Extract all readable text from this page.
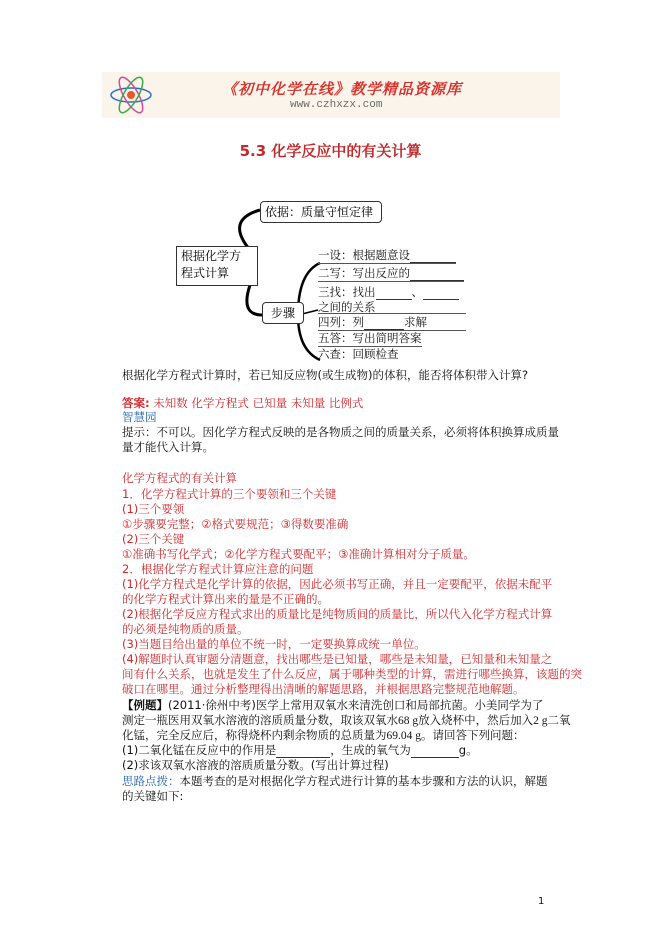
《初中化学在线》教学精品资源库
www.czhxzx.com
5.3 化学反应中的有关计算
根据化学方
程式计算
依据：质量守恒定律
步骤
一设：根据题意设
二写：写出反应的
三找：找出	、
之间的关系
四列：列	求解
五答：写出简明答案
六查：回顾检查
根据化学方程式计算时，若已知反应物(或生成物)的体积，能否将体积带入计算?
答案: 未知数 化学方程式 已知量 未知量 比例式
智慧园
提示：不可以。因化学方程式反映的是各物质之间的质量关系，必须将体积换算成质量
量才能代入计算。
化学方程式的有关计算
1．化学方程式计算的三个要领和三个关键
(1)三个要领
①步骤要完整；②格式要规范；③得数要准确
(2)三个关键
①准确书写化学式；②化学方程式要配平；③准确计算相对分子质量。
2．根据化学方程式计算应注意的问题
(1)化学方程式是化学计算的依据，因此必须书写正确，并且一定要配平，依据未配平
的化学方程式计算出来的量是不正确的。
(2)根据化学反应方程式求出的质量比是纯物质间的质量比，所以代入化学方程式计算
的必须是纯物质的质量。
(3)当题目给出量的单位不统一时，一定要换算成统一单位。
(4)解题时认真审题分清题意，找出哪些是已知量，哪些是未知量，已知量和未知量之
间有什么关系，也就是发生了什么反应，属于哪种类型的计算，需进行哪些换算，该题的突
破口在哪里。通过分析整理得出清晰的解题思路，并根据思路完整规范地解题。
【例题】(2011·徐州中考)医学上常用双氧水来清洗创口和局部抗菌。小美同学为了
测定一瓶医用双氧水溶液的溶质质量分数，取该双氧水68 g放入烧杯中，然后加入2 g二氧
化锰，完全反应后，称得烧杯内剩余物质的总质量为69.04 g。请回答下列问题：
(1)二氧化锰在反应中的作用是	，生成的氧气为	g。
(2)求该双氧水溶液的溶质质量分数。(写出计算过程)
思路点拨：本题考查的是对根据化学方程式进行计算的基本步骤和方法的认识，解题
的关键如下:
1
